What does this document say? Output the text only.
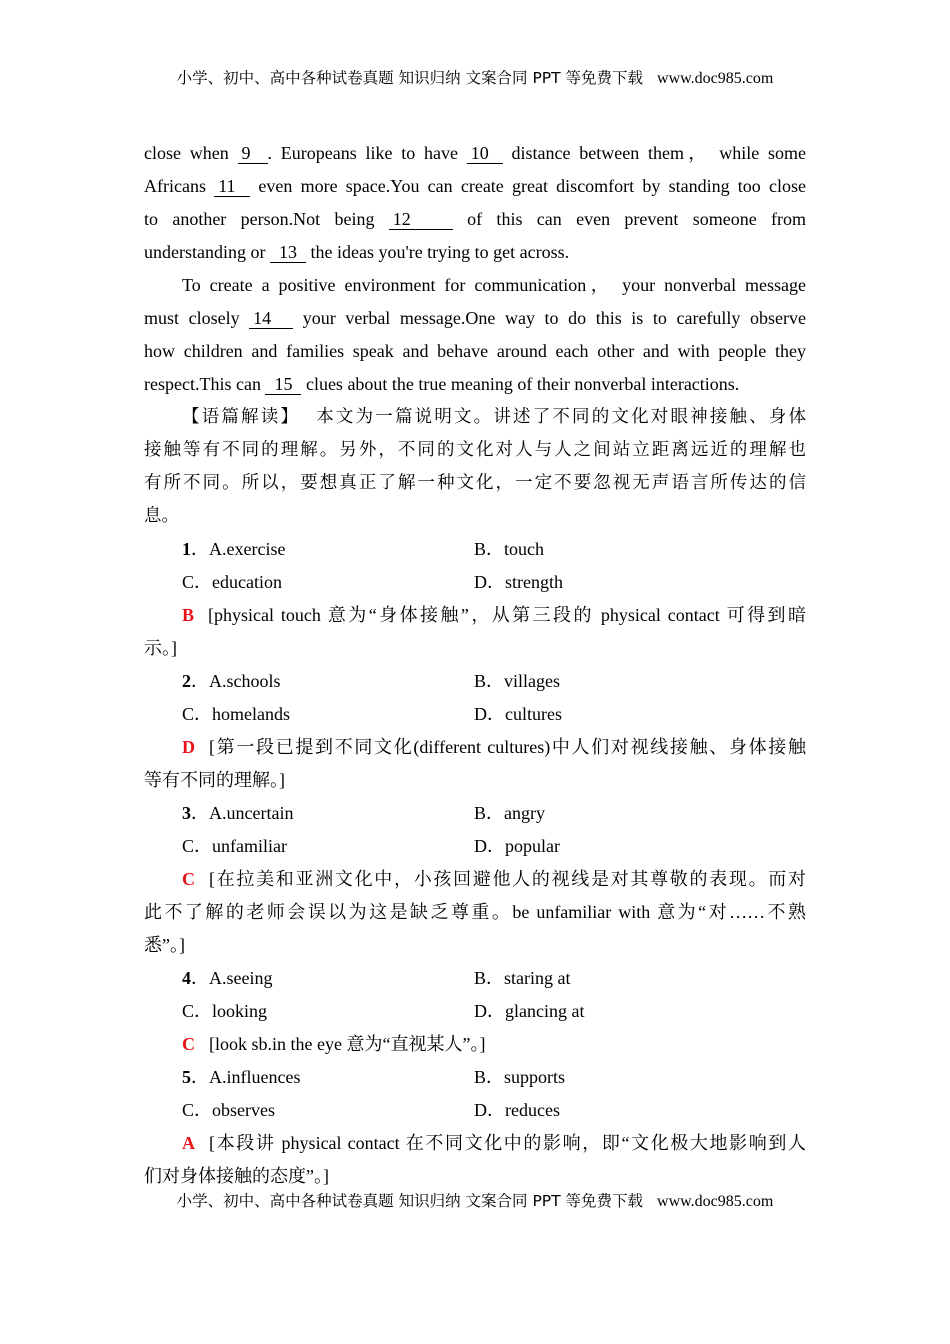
小学、初中、高中各种试卷真题 知识归纳 文案合同 PPT 等免费下载 www.doc985.com
close when 9 . Europeans like to have 10 distance between them， while some
Africans 11 even more space.You can create great discomfort by standing too close
to another person.Not being 12 of this can even prevent someone from
understanding or 13 the ideas you're trying to get across.
To create a positive environment for communication， your nonverbal message
must closely 14 your verbal message.One way to do this is to carefully observe
how children and families speak and behave around each other and with people they
respect.This can 15 clues about the true meaning of their nonverbal interactions.
【语篇解读】 本文为一篇说明文。讲述了不同的文化对眼神接触、身体
接触等有不同的理解。另外，不同的文化对人与人之间站立距离远近的理解也
有所不同。所以，要想真正了解一种文化，一定不要忽视无声语言所传达的信
息。
1．A.exercise	B．touch
C．education	D．strength
B [physical touch 意为“身体接触”，从第三段的 physical contact 可得到暗
示。]
2．A.schools	B．villages
C．homelands	D．cultures
D [第一段已提到不同文化(different cultures)中人们对视线接触、身体接触
等有不同的理解。]
3．A.uncertain	B．angry
C．unfamiliar	D．popular
C [在拉美和亚洲文化中，小孩回避他人的视线是对其尊敬的表现。而对
此不了解的老师会误以为这是缺乏尊重。be unfamiliar with 意为“对……不熟
悉”。]
4．A.seeing	B．staring at
C．looking	D．glancing at
C [look sb.in the eye 意为“直视某人”。]
5．A.influences	B．supports
C．observes	D．reduces
A [本段讲 physical contact 在不同文化中的影响，即“文化极大地影响到人
们对身体接触的态度”。]
小学、初中、高中各种试卷真题 知识归纳 文案合同 PPT 等免费下载 www.doc985.com
